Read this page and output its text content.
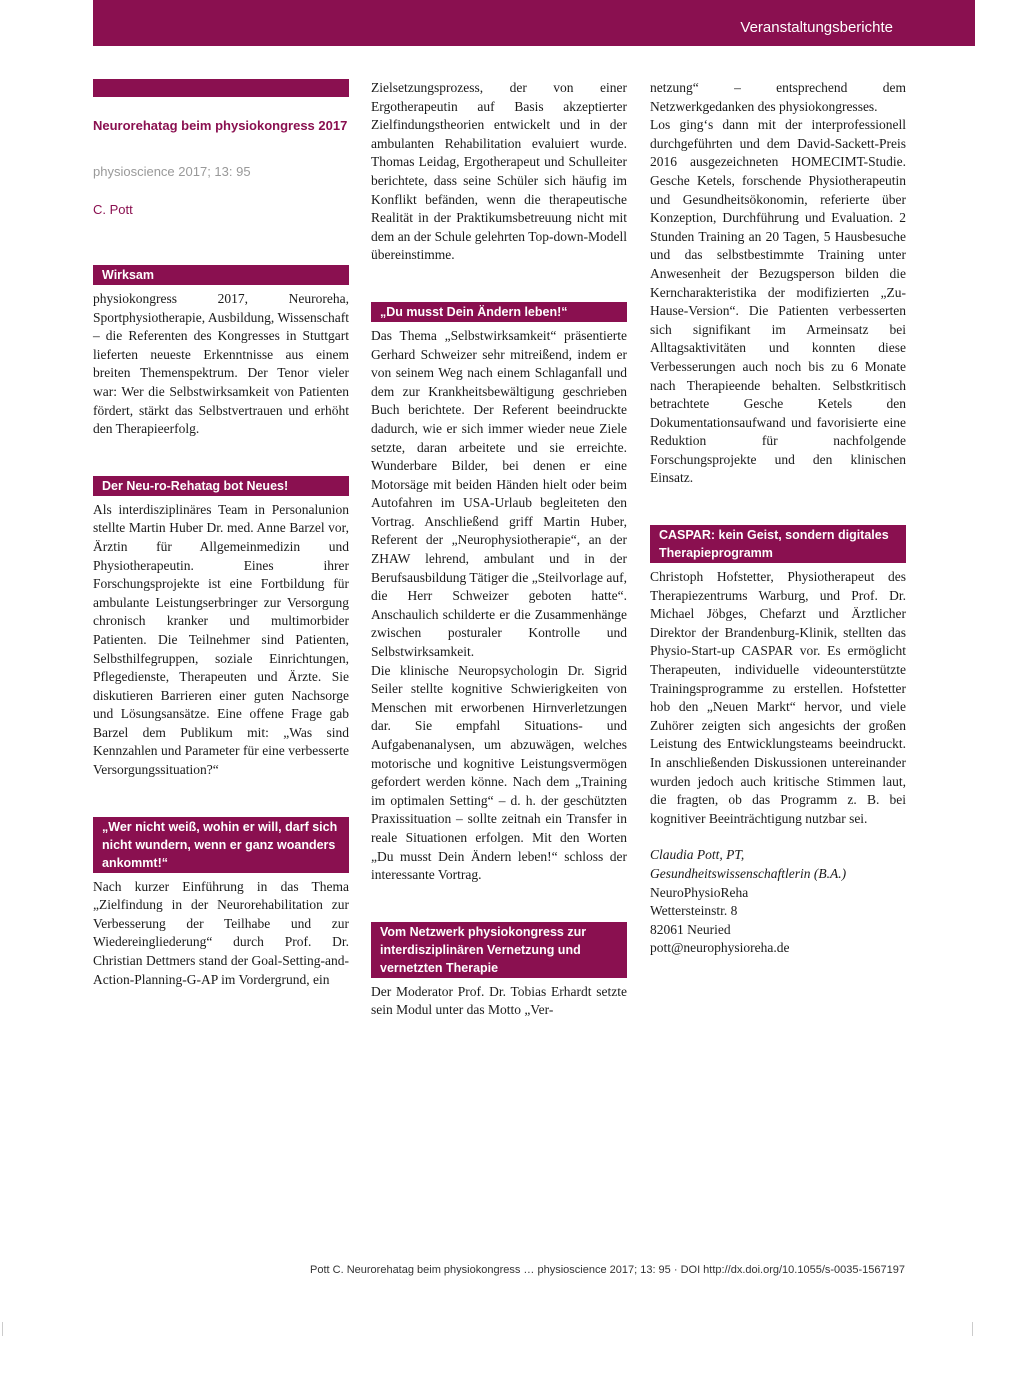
Veranstaltungsberichte	95
Neurorehatag beim physiokongress 2017
physioscience 2017; 13: 95
C. Pott
Wirksam

physiokongress 2017, Neuroreha, Sportphysiotherapie, Ausbildung, Wissenschaft – die Referenten des Kongresses in Stuttgart lieferten neueste Erkenntnisse aus einem breiten Themenspektrum. Der Tenor vieler war: Wer die Selbstwirksamkeit von Patienten fördert, stärkt das Selbstvertrauen und erhöht den Therapieerfolg.

Der Neu-ro-Rehatag bot Neues!

Als interdisziplinäres Team in Personalunion stellte Martin Huber Dr. med. Anne Barzel vor, Ärztin für Allgemeinmedizin und Physiotherapeutin. Eines ihrer Forschungsprojekte ist eine Fortbildung für ambulante Leistungserbringer zur Versorgung chronisch kranker und multimorbider Patienten. Die Teilnehmer sind Patienten, Selbsthilfegruppen, soziale Einrichtungen, Pflegedienste, Therapeuten und Ärzte. Sie diskutieren Barrieren einer guten Nachsorge und Lösungsansätze. Eine offene Frage gab Barzel dem Publikum mit: „Was sind Kennzahlen und Parameter für eine verbesserte Versorgungssituation?“

„Wer nicht weiß, wohin er will, darf sich nicht wundern, wenn er ganz woanders ankommt!“

Nach kurzer Einführung in das Thema „Zielfindung in der Neurorehabilitation zur Verbesserung der Teilhabe und zur Wiedereingliederung“ durch Prof. Dr. Christian Dettmers stand der Goal-Setting-and-Action-Planning-G-AP im Vordergrund, ein

Zielsetzungsprozess, der von einer Ergotherapeutin auf Basis akzeptierter Zielfindungstheorien entwickelt und in der ambulanten Rehabilitation evaluiert wurde. Thomas Leidag, Ergotherapeut und Schulleiter berichtete, dass seine Schüler sich häufig im Konflikt befänden, wenn die therapeutische Realität in der Praktikumsbetreuung nicht mit dem an der Schule gelehrten Top-down-Modell übereinstimme.

„Du musst Dein Ändern leben!“

Das Thema „Selbstwirksamkeit“ präsentierte Gerhard Schweizer sehr mitreißend, indem er von seinem Weg nach einem Schlaganfall und dem zur Krankheitsbewältigung geschrieben Buch berichtete. Der Referent beeindruckte dadurch, wie er sich immer wieder neue Ziele setzte, daran arbeitete und sie erreichte. Wunderbare Bilder, bei denen er eine Motorsäge mit beiden Händen hielt oder beim Autofahren im USA-Urlaub begleiteten den Vortrag. Anschließend griff Martin Huber, Referent der „Neurophysiotherapie“, an der ZHAW lehrend, ambulant und in der Berufsausbildung Tätiger die „Steilvorlage auf, die Herr Schweizer geboten hatte“. Anschaulich schilderte er die Zusammenhänge zwischen posturaler Kontrolle und Selbstwirksamkeit.

Die klinische Neuropsychologin Dr. Sigrid Seiler stellte kognitive Schwierigkeiten von Menschen mit erworbenen Hirnverletzungen dar. Sie empfahl Situations- und Aufgabenanalysen, um abzuwägen, welches motorische und kognitive Leistungsvermögen gefordert werden könne. Nach dem „Training im optimalen Setting“ – d. h. der geschützten Praxissituation – sollte zeitnah ein Transfer in reale Situationen erfolgen. Mit den Worten „Du musst Dein Ändern leben!“ schloss der interessante Vortrag.

Vom Netzwerk physiokongress zur interdisziplinären Vernetzung und vernetzten Therapie

Der Moderator Prof. Dr. Tobias Erhardt setzte sein Modul unter das Motto „Ver-

netzung“ – entsprechend dem Netzwerkgedanken des physiokongresses.

Los ging‘s dann mit der interprofessionell durchgeführten und dem David-Sackett-Preis 2016 ausgezeichneten HOMECIMT-Studie. Gesche Ketels, forschende Physiotherapeutin und Gesundheitsökonomin, referierte über Konzeption, Durchführung und Evaluation. 2 Stunden Training an 20 Tagen, 5 Hausbesuche und das selbstbestimmte Training unter Anwesenheit der Bezugsperson bilden die Kerncharakteristika der modifizierten „Zu-Hause-Version“. Die Patienten verbesserten sich signifikant im Armeinsatz bei Alltagsaktivitäten und konnten diese Verbesserungen auch noch bis zu 6 Monate nach Therapieende behalten. Selbstkritisch betrachtete Gesche Ketels den Dokumentationsaufwand und favorisierte eine Reduktion für nachfolgende Forschungsprojekte und den klinischen Einsatz.

CASPAR: kein Geist, sondern digitales Therapieprogramm

Christoph Hofstetter, Physiotherapeut des Therapiezentrums Warburg, und Prof. Dr. Michael Jöbges, Chefarzt und Ärztlicher Direktor der Brandenburg-Klinik, stellten das Physio-Start-up CASPAR vor. Es ermöglicht Therapeuten, individuelle videounterstützte Trainingsprogramme zu erstellen. Hofstetter hob den „Neuen Markt“ hervor, und viele Zuhörer zeigten sich angesichts der großen Leistung des Entwicklungsteams beeindruckt. In anschließenden Diskussionen untereinander wurden jedoch auch kritische Stimmen laut, die fragten, ob das Programm z. B. bei kognitiver Beeinträchtigung nutzbar sei.

Claudia Pott, PT, Gesundheitswissenschaftlerin (B.A.)

NeuroPhysioReha

Wettersteinstr. 8

82061 Neuried

pott@neurophysioreha.de

Pott C. Neurorehatag beim physiokongress … physioscience 2017; 13: 95 · DOI http://dx.doi.org/10.1055/s-0035-1567197
